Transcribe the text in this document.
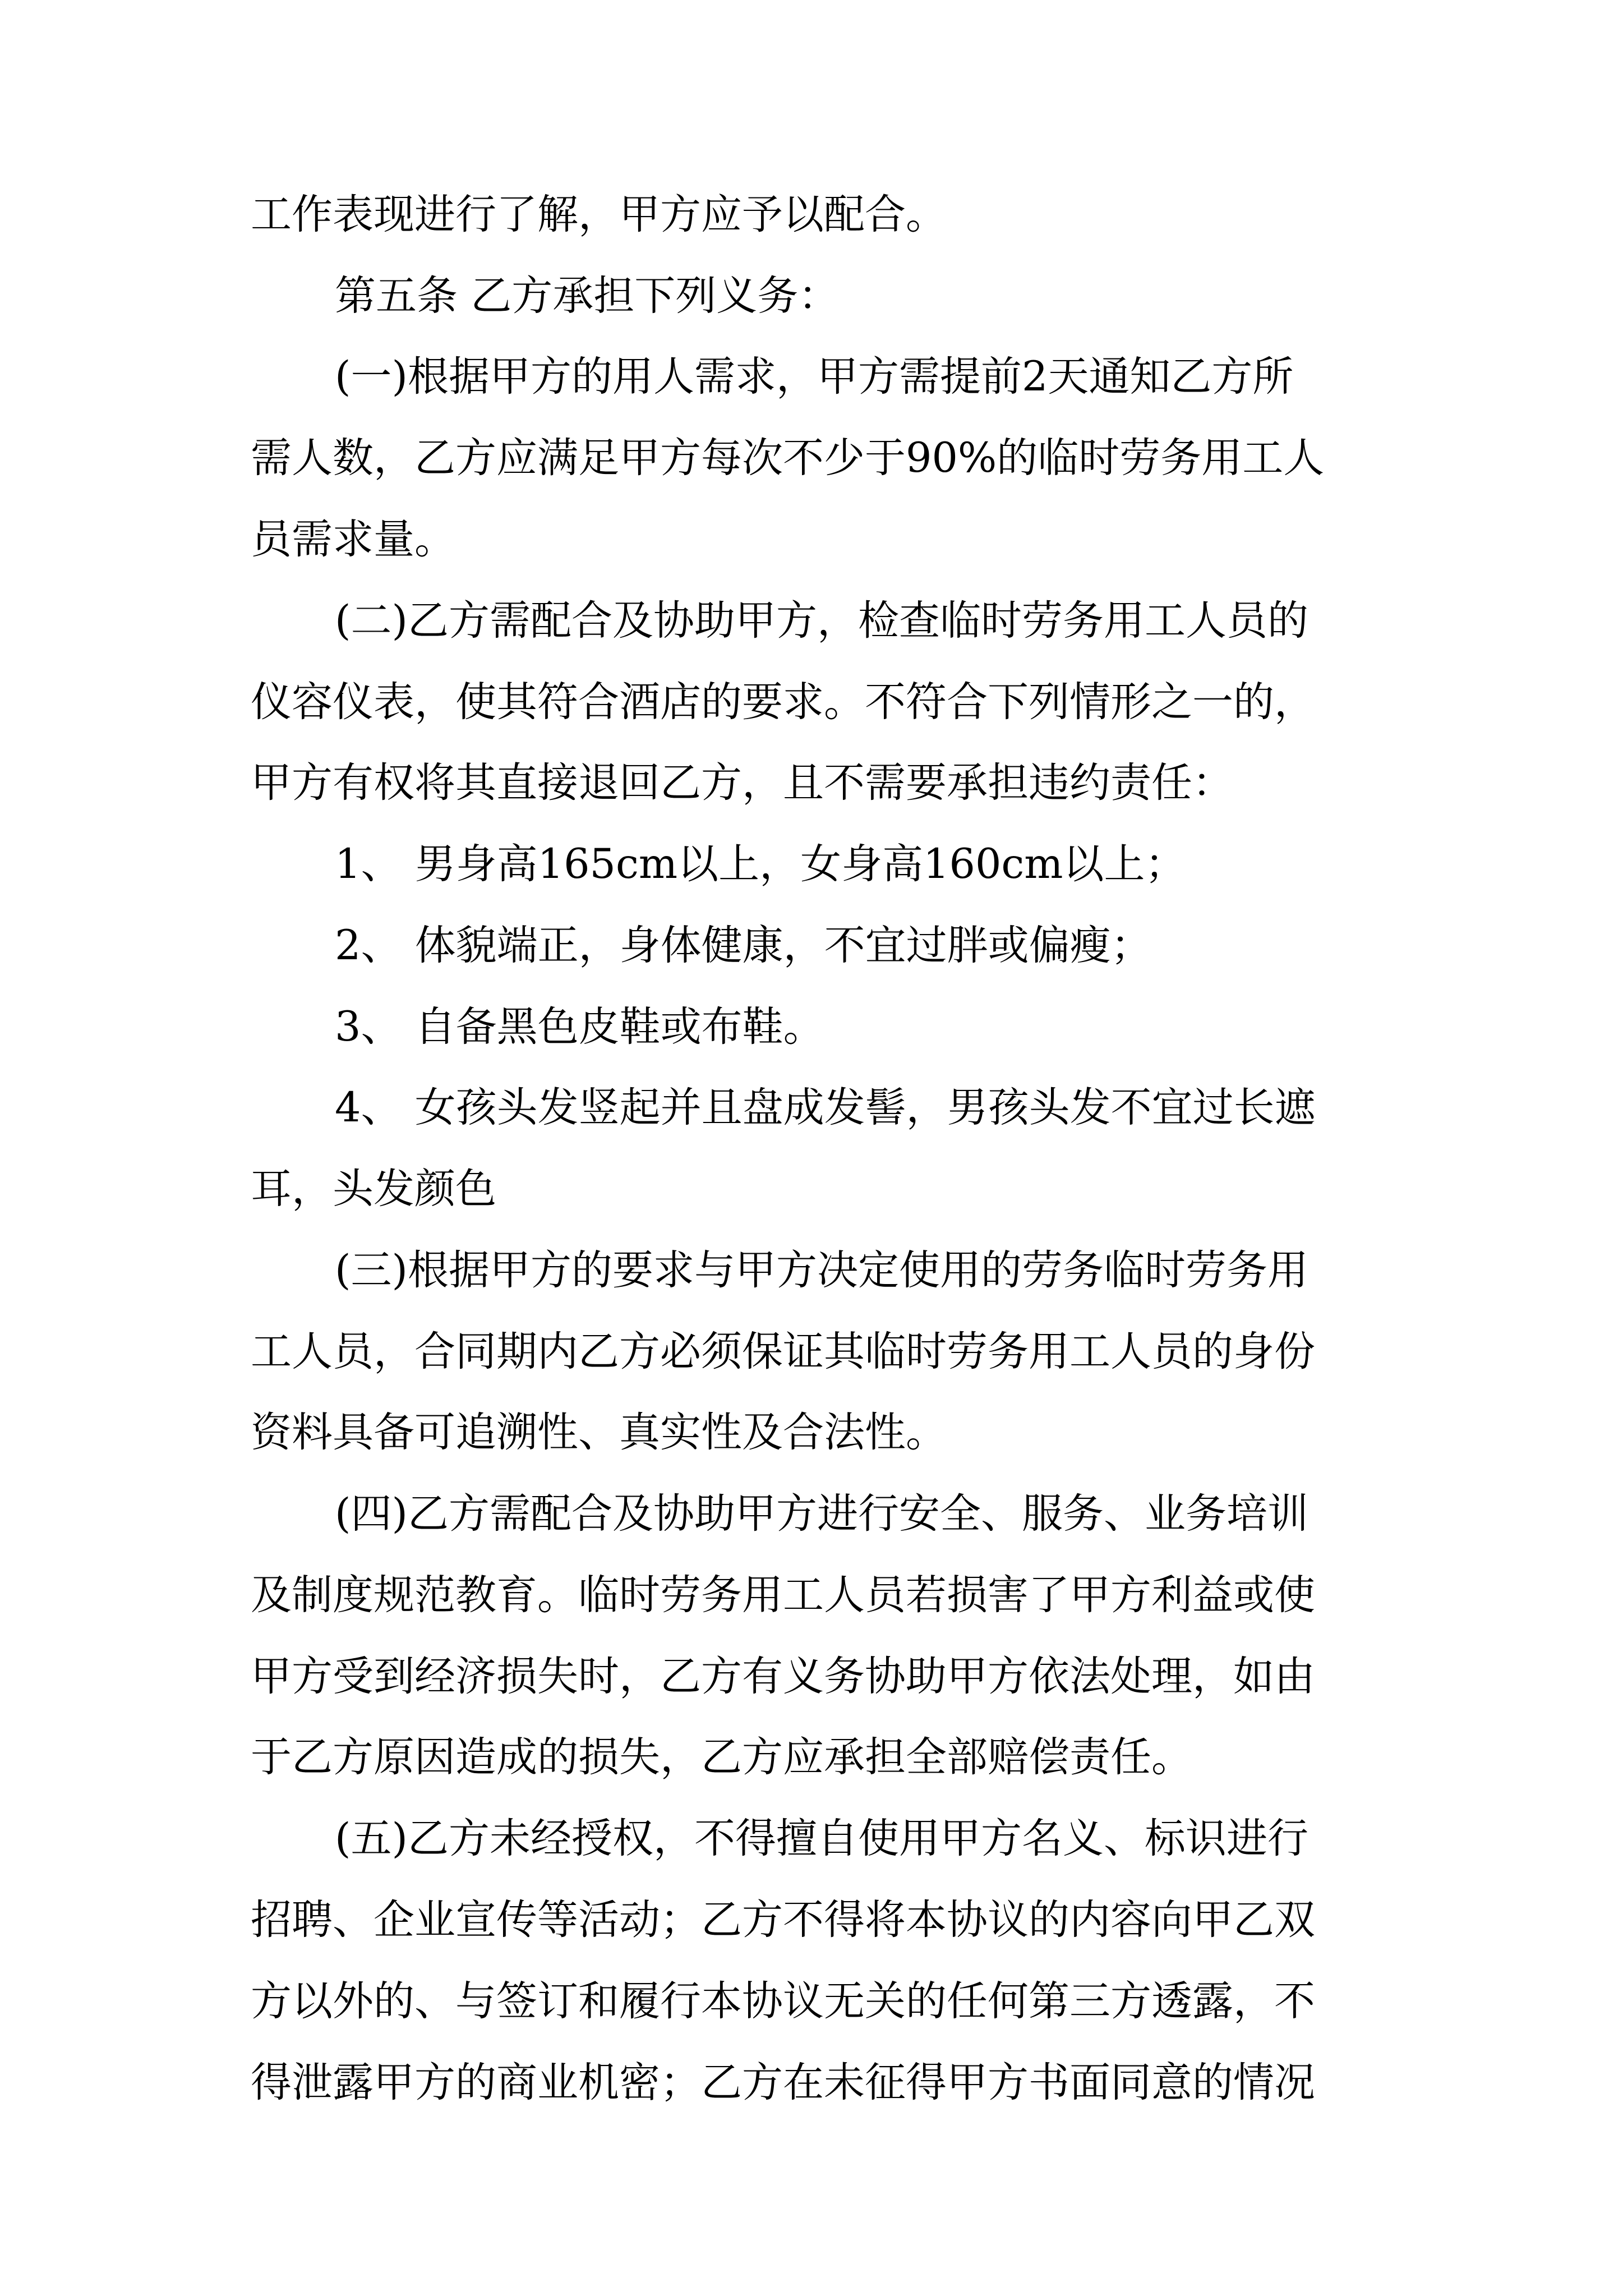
工作表现进行了解，甲方应予以配合。
第五条 乙方承担下列义务：
(一)根据甲方的用人需求，甲方需提前2天通知乙方所
需人数，乙方应满足甲方每次不少于90%的临时劳务用工人
员需求量。
(二)乙方需配合及协助甲方，检查临时劳务用工人员的
仪容仪表，使其符合酒店的要求。不符合下列情形之一的，
甲方有权将其直接退回乙方，且不需要承担违约责任：
1、 男身高165cm以上，女身高160cm以上；
2、 体貌端正，身体健康，不宜过胖或偏瘦；
3、 自备黑色皮鞋或布鞋。
4、 女孩头发竖起并且盘成发髻，男孩头发不宜过长遮
耳，头发颜色
(三)根据甲方的要求与甲方决定使用的劳务临时劳务用
工人员，合同期内乙方必须保证其临时劳务用工人员的身份
资料具备可追溯性、真实性及合法性。
(四)乙方需配合及协助甲方进行安全、服务、业务培训
及制度规范教育。临时劳务用工人员若损害了甲方利益或使
甲方受到经济损失时，乙方有义务协助甲方依法处理，如由
于乙方原因造成的损失，乙方应承担全部赔偿责任。
(五)乙方未经授权，不得擅自使用甲方名义、标识进行
招聘、企业宣传等活动；乙方不得将本协议的内容向甲乙双
方以外的、与签订和履行本协议无关的任何第三方透露，不
得泄露甲方的商业机密；乙方在未征得甲方书面同意的情况
